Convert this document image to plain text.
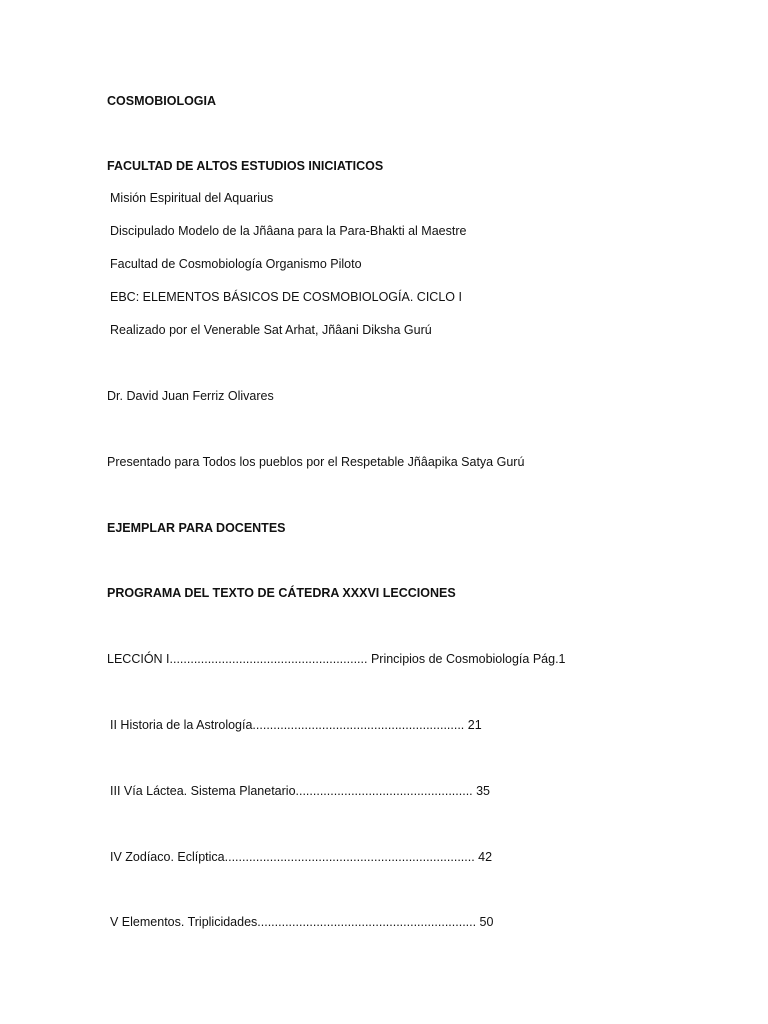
COSMOBIOLOGIA
FACULTAD DE ALTOS ESTUDIOS INICIATICOS
Misión Espiritual del Aquarius
Discipulado Modelo de la Jñâana para la Para-Bhakti al Maestre
Facultad de Cosmobiología Organismo Piloto
EBC: ELEMENTOS BÁSICOS DE COSMOBIOLOGÍA. CICLO I
Realizado por el Venerable Sat Arhat, Jñâani Diksha Gurú
Dr. David Juan Ferriz Olivares
Presentado para Todos los pueblos por el Respetable Jñâapika Satya Gurú
EJEMPLAR PARA DOCENTES
PROGRAMA DEL TEXTO DE CÁTEDRA XXXVI LECCIONES
LECCIÓN I......................................................... Principios de Cosmobiología Pág.1
II Historia de la Astrología............................................................. 21
III Vía Láctea. Sistema Planetario................................................... 35
IV Zodíaco. Eclíptica........................................................................ 42
V Elementos. Triplicidades............................................................... 50
